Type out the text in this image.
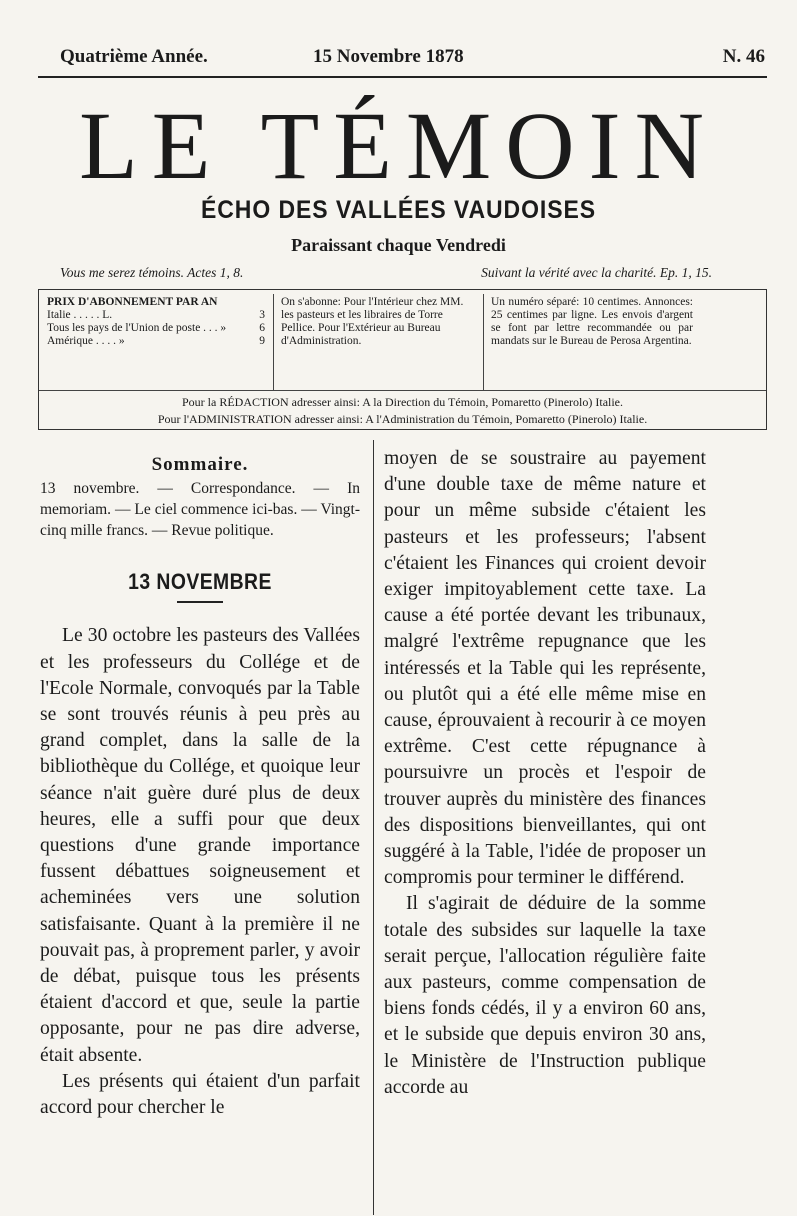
Quatrième Année.	15 Novembre 1878	N. 46
LE TÉMOIN
ÉCHO DES VALLÉES VAUDOISES
Paraissant chaque Vendredi
Vous me serez témoins. Actes 1, 8.	Suivant la vérité avec la charité. Ep. 1, 15.
PRIX D'ABONNEMENT PAR AN
Italie . . . . . L.	3
Tous les pays de l'Union de poste . . . »	6
Amérique . . . . »	9
On s'abonne: Pour l'Intérieur chez MM. les pasteurs et les libraires de Torre Pellice. Pour l'Extérieur au Bureau d'Administration.
Un numéro séparé: 10 centimes. Annonces: 25 centimes par ligne. Les envois d'argent se font par lettre recommandée ou par mandats sur le Bureau de Perosa Argentina.
Pour la RÉDACTION adresser ainsi: A la Direction du Témoin, Pomaretto (Pinerolo) Italie.
Pour l'ADMINISTRATION adresser ainsi: A l'Administration du Témoin, Pomaretto (Pinerolo) Italie.
Sommaire.
13 novembre. — Correspondance. — In memoriam. — Le ciel commence ici-bas. — Vingt-cinq mille francs. — Revue politique.
13 NOVEMBRE

Le 30 octobre les pasteurs des Vallées et les professeurs du Collége et de l'Ecole Normale, convoqués par la Table se sont trouvés réunis à peu près au grand complet, dans la salle de la bibliothèque du Collége, et quoique leur séance n'ait guère duré plus de deux heures, elle a suffi pour que deux questions d'une grande importance fussent débattues soigneusement et acheminées vers une solution satisfaisante. Quant à la première il ne pouvait pas, à proprement parler, y avoir de débat, puisque tous les présents étaient d'accord et que, seule la partie opposante, pour ne pas dire adverse, était absente.

Les présents qui étaient d'un parfait accord pour chercher le

moyen de se soustraire au payement d'une double taxe de même nature et pour un même subside c'étaient les pasteurs et les professeurs; l'absent c'étaient les Finances qui croient devoir exiger impitoyablement cette taxe. La cause a été portée devant les tribunaux, malgré l'extrême repugnance que les intéressés et la Table qui les représente, ou plutôt qui a été elle même mise en cause, éprouvaient à recourir à ce moyen extrême. C'est cette répugnance à poursuivre un procès et l'espoir de trouver auprès du ministère des finances des dispositions bienveillantes, qui ont suggéré à la Table, l'idée de proposer un compromis pour terminer le différend.

Il s'agirait de déduire de la somme totale des subsides sur laquelle la taxe serait perçue, l'allocation régulière faite aux pasteurs, comme compensation de biens fonds cédés, il y a environ 60 ans, et le subside que depuis environ 30 ans, le Ministère de l'Instruction publique accorde au
